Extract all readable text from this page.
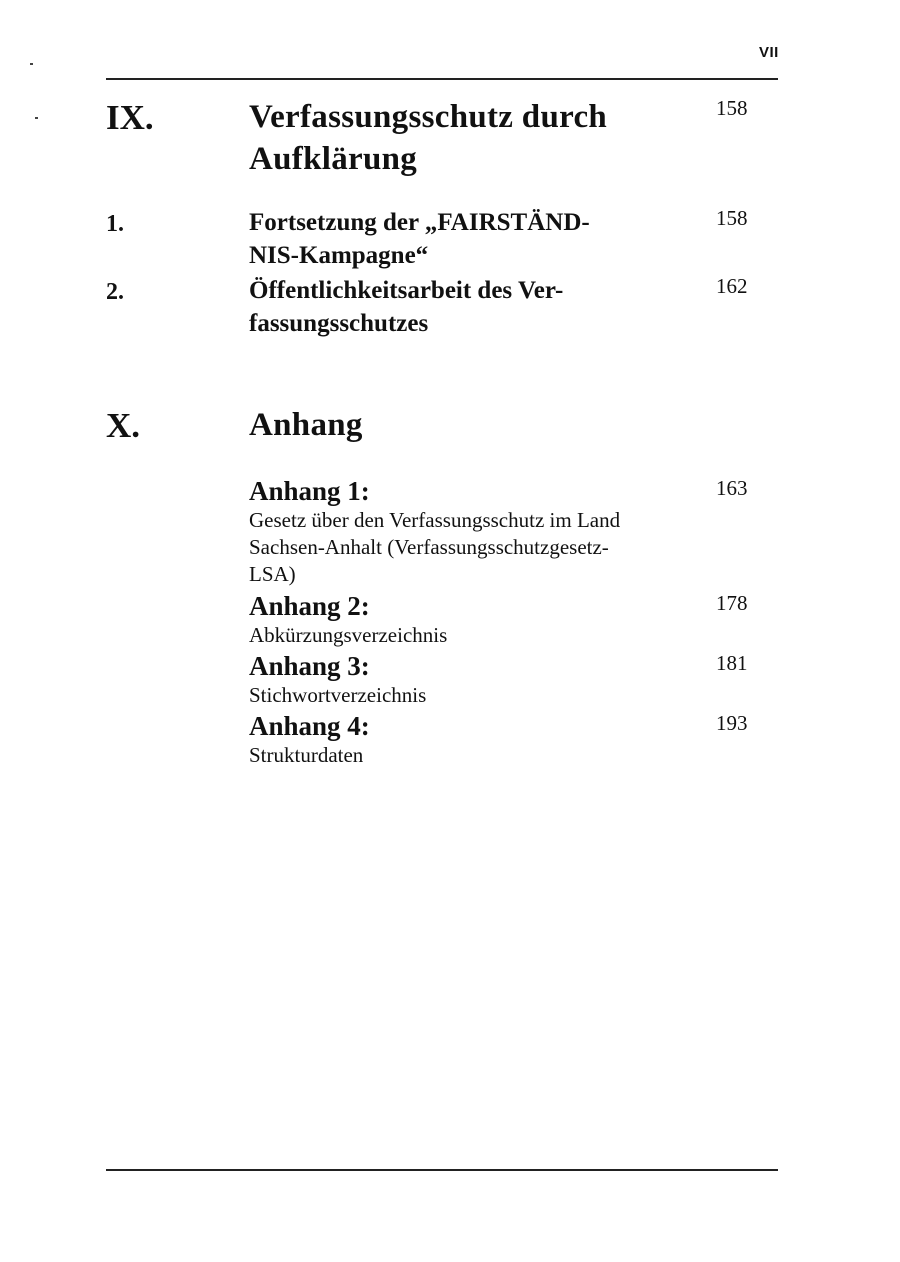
VII
IX.	Verfassungsschutz durch
Aufklärung
158
1.	Fortsetzung der „FAIRSTÄND-
NIS-Kampagne“
158
2.	Öffentlichkeitsarbeit des Ver-
fassungsschutzes
162
X.	Anhang
Anhang 1:
Gesetz über den Verfassungsschutz im Land
Sachsen-Anhalt (Verfassungsschutzgesetz-
LSA)
163
Anhang 2:
Abkürzungsverzeichnis
178
Anhang 3:
Stichwortverzeichnis
181
Anhang 4:
Strukturdaten
193
